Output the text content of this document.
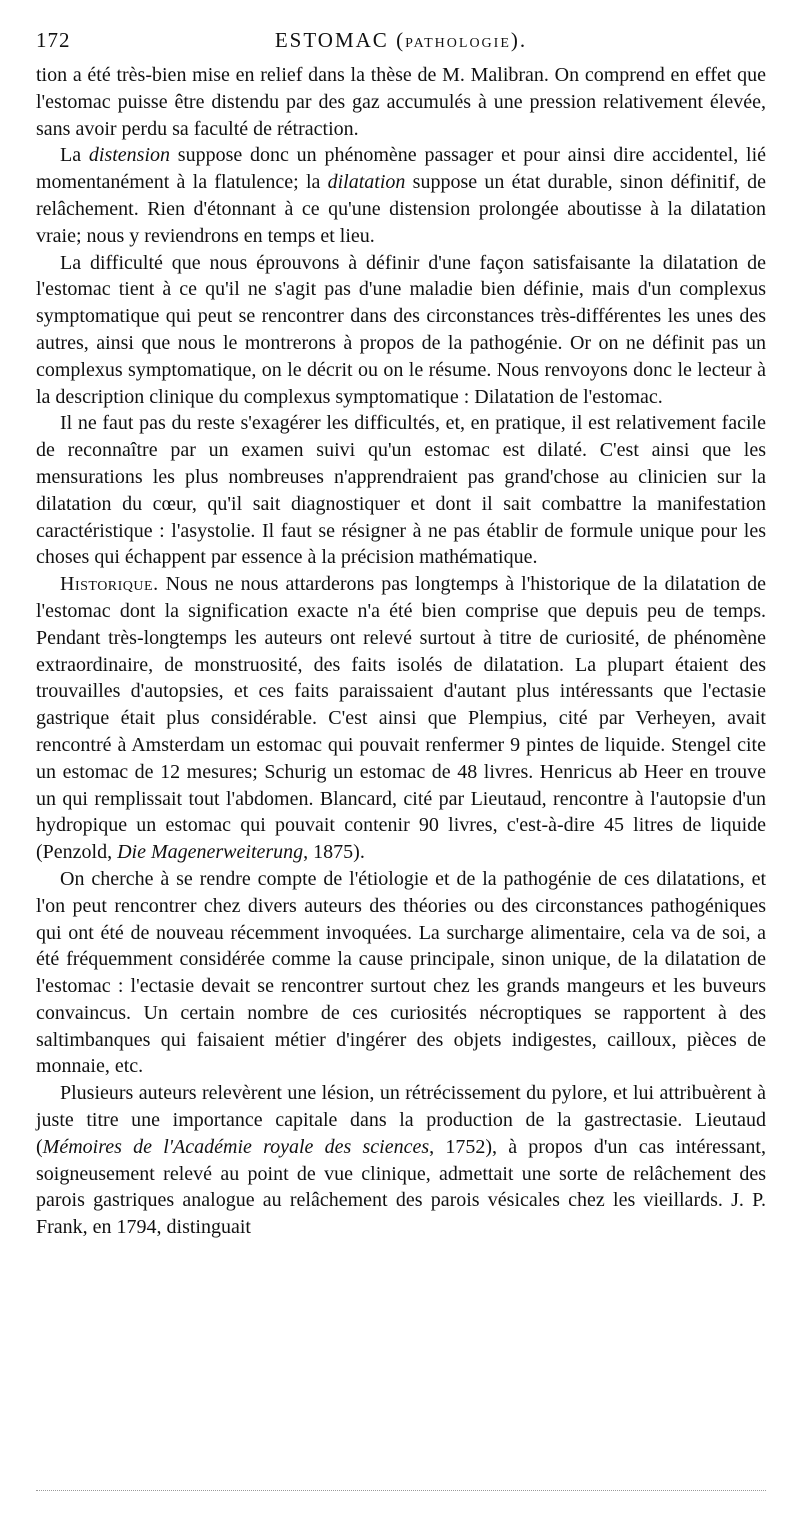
172	ESTOMAC (PATHOLOGIE).

tion a été très-bien mise en relief dans la thèse de M. Malibran. On comprend en effet que l'estomac puisse être distendu par des gaz accumulés à une pression relativement élevée, sans avoir perdu sa faculté de rétraction.

La distension suppose donc un phénomène passager et pour ainsi dire accidentel, lié momentanément à la flatulence; la dilatation suppose un état durable, sinon définitif, de relâchement. Rien d'étonnant à ce qu'une distension prolongée aboutisse à la dilatation vraie; nous y reviendrons en temps et lieu.

La difficulté que nous éprouvons à définir d'une façon satisfaisante la dilatation de l'estomac tient à ce qu'il ne s'agit pas d'une maladie bien définie, mais d'un complexus symptomatique qui peut se rencontrer dans des circonstances très-différentes les unes des autres, ainsi que nous le montrerons à propos de la pathogénie. Or on ne définit pas un complexus symptomatique, on le décrit ou on le résume. Nous renvoyons donc le lecteur à la description clinique du complexus symptomatique : Dilatation de l'estomac.

Il ne faut pas du reste s'exagérer les difficultés, et, en pratique, il est relativement facile de reconnaître par un examen suivi qu'un estomac est dilaté. C'est ainsi que les mensurations les plus nombreuses n'apprendraient pas grand'chose au clinicien sur la dilatation du cœur, qu'il sait diagnostiquer et dont il sait combattre la manifestation caractéristique : l'asystolie. Il faut se résigner à ne pas établir de formule unique pour les choses qui échappent par essence à la précision mathématique.

Historique. Nous ne nous attarderons pas longtemps à l'historique de la dilatation de l'estomac dont la signification exacte n'a été bien comprise que depuis peu de temps. Pendant très-longtemps les auteurs ont relevé surtout à titre de curiosité, de phénomène extraordinaire, de monstruosité, des faits isolés de dilatation. La plupart étaient des trouvailles d'autopsies, et ces faits paraissaient d'autant plus intéressants que l'ectasie gastrique était plus considérable. C'est ainsi que Plempius, cité par Verheyen, avait rencontré à Amsterdam un estomac qui pouvait renfermer 9 pintes de liquide. Stengel cite un estomac de 12 mesures; Schurig un estomac de 48 livres. Henricus ab Heer en trouve un qui remplissait tout l'abdomen. Blancard, cité par Lieutaud, rencontre à l'autopsie d'un hydropique un estomac qui pouvait contenir 90 livres, c'est-à-dire 45 litres de liquide (Penzold, Die Magenerweiterung, 1875).

On cherche à se rendre compte de l'étiologie et de la pathogénie de ces dilatations, et l'on peut rencontrer chez divers auteurs des théories ou des circonstances pathogéniques qui ont été de nouveau récemment invoquées. La surcharge alimentaire, cela va de soi, a été fréquemment considérée comme la cause principale, sinon unique, de la dilatation de l'estomac : l'ectasie devait se rencontrer surtout chez les grands mangeurs et les buveurs convaincus. Un certain nombre de ces curiosités nécroptiques se rapportent à des saltimbanques qui faisaient métier d'ingérer des objets indigestes, cailloux, pièces de monnaie, etc.

Plusieurs auteurs relevèrent une lésion, un rétrécissement du pylore, et lui attribuèrent à juste titre une importance capitale dans la production de la gastrectasie. Lieutaud (Mémoires de l'Académie royale des sciences, 1752), à propos d'un cas intéressant, soigneusement relevé au point de vue clinique, admettait une sorte de relâchement des parois gastriques analogue au relâchement des parois vésicales chez les vieillards. J. P. Frank, en 1794, distinguait
